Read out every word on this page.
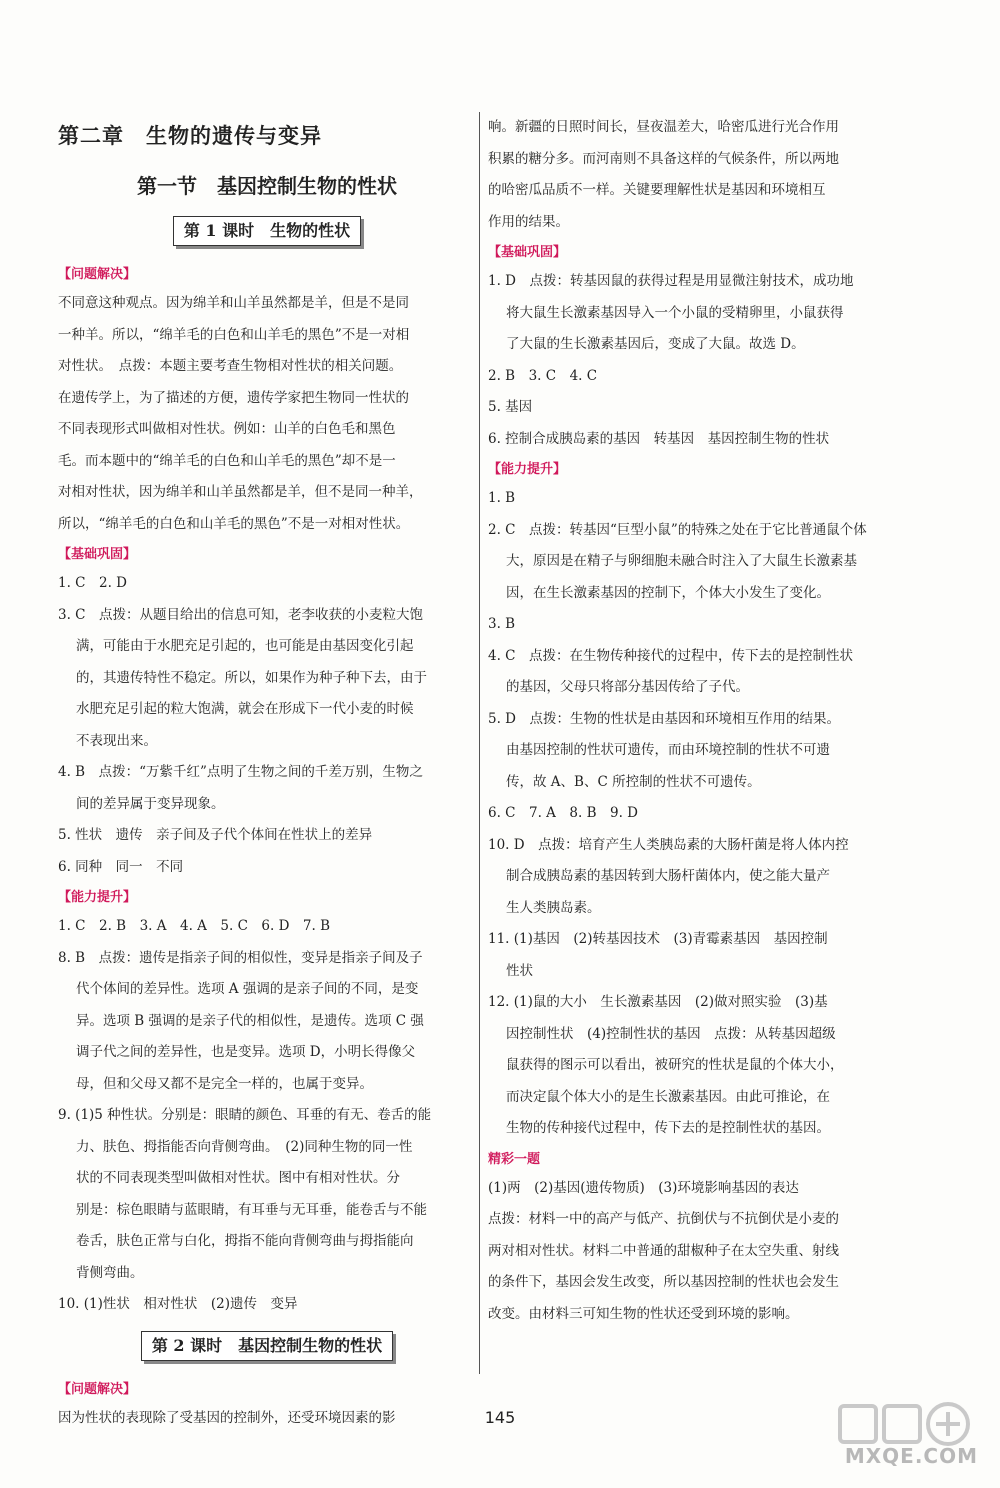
第二章　生物的遗传与变异
第一节　基因控制生物的性状
第 1 课时　生物的性状
【问题解决】
不同意这种观点。因为绵羊和山羊虽然都是羊，但是不是同
一种羊。所以，“绵羊毛的白色和山羊毛的黑色”不是一对相
对性状。　点拨：本题主要考查生物相对性状的相关问题。
在遗传学上，为了描述的方便，遗传学家把生物同一性状的
不同表现形式叫做相对性状。例如：山羊的白色毛和黑色
毛。而本题中的“绵羊毛的白色和山羊毛的黑色”却不是一
对相对性状，因为绵羊和山羊虽然都是羊，但不是同一种羊，
所以，“绵羊毛的白色和山羊毛的黑色”不是一对相对性状。
【基础巩固】
1. C　2. D
3. C　点拨：从题目给出的信息可知，老李收获的小麦粒大饱
满，可能由于水肥充足引起的，也可能是由基因变化引起
的，其遗传特性不稳定。所以，如果作为种子种下去，由于
水肥充足引起的粒大饱满，就会在形成下一代小麦的时候
不表现出来。
4. B　点拨：“万紫千红”点明了生物之间的千差万别，生物之
间的差异属于变异现象。
5. 性状　遗传　亲子间及子代个体间在性状上的差异
6. 同种　同一　不同
【能力提升】
1. C　2. B　3. A　4. A　5. C　6. D　7. B
8. B　点拨：遗传是指亲子间的相似性，变异是指亲子间及子
代个体间的差异性。选项 A 强调的是亲子间的不同，是变
异。选项 B 强调的是亲子代的相似性，是遗传。选项 C 强
调子代之间的差异性，也是变异。选项 D，小明长得像父
母，但和父母又都不是完全一样的，也属于变异。
9. (1)5 种性状。分别是：眼睛的颜色、耳垂的有无、卷舌的能
力、肤色、拇指能否向背侧弯曲。　(2)同种生物的同一性
状的不同表现类型叫做相对性状。图中有相对性状。分
别是：棕色眼睛与蓝眼睛，有耳垂与无耳垂，能卷舌与不能
卷舌，肤色正常与白化，拇指不能向背侧弯曲与拇指能向
背侧弯曲。
10. (1)性状　相对性状　(2)遗传　变异
第 2 课时　基因控制生物的性状
【问题解决】
因为性状的表现除了受基因的控制外，还受环境因素的影
响。新疆的日照时间长，昼夜温差大，哈密瓜进行光合作用
积累的糖分多。而河南则不具备这样的气候条件，所以两地
的哈密瓜品质不一样。关键要理解性状是基因和环境相互
作用的结果。
【基础巩固】
1. D　点拨：转基因鼠的获得过程是用显微注射技术，成功地
将大鼠生长激素基因导入一个小鼠的受精卵里，小鼠获得
了大鼠的生长激素基因后，变成了大鼠。故选 D。
2. B　3. C　4. C
5. 基因
6. 控制合成胰岛素的基因　转基因　基因控制生物的性状
【能力提升】
1. B
2. C　点拨：转基因“巨型小鼠”的特殊之处在于它比普通鼠个体
大，原因是在精子与卵细胞未融合时注入了大鼠生长激素基
因，在生长激素基因的控制下，个体大小发生了变化。
3. B
4. C　点拨：在生物传种接代的过程中，传下去的是控制性状
的基因，父母只将部分基因传给了子代。
5. D　点拨：生物的性状是由基因和环境相互作用的结果。
由基因控制的性状可遗传，而由环境控制的性状不可遗
传，故 A、B、C 所控制的性状不可遗传。
6. C　7. A　8. B　9. D
10. D　点拨：培育产生人类胰岛素的大肠杆菌是将人体内控
制合成胰岛素的基因转到大肠杆菌体内，使之能大量产
生人类胰岛素。
11. (1)基因　(2)转基因技术　(3)青霉素基因　基因控制
性状
12. (1)鼠的大小　生长激素基因　(2)做对照实验　(3)基
因控制性状　(4)控制性状的基因　点拨：从转基因超级
鼠获得的图示可以看出，被研究的性状是鼠的个体大小，
而决定鼠个体大小的是生长激素基因。由此可推论，在
生物的传种接代过程中，传下去的是控制性状的基因。
精彩一题
(1)两　(2)基因(遗传物质)　(3)环境影响基因的表达
点拨：材料一中的高产与低产、抗倒伏与不抗倒伏是小麦的
两对相对性状。材料二中普通的甜椒种子在太空失重、射线
的条件下，基因会发生改变，所以基因控制的性状也会发生
改变。由材料三可知生物的性状还受到环境的影响。
145
MXQE.COM
